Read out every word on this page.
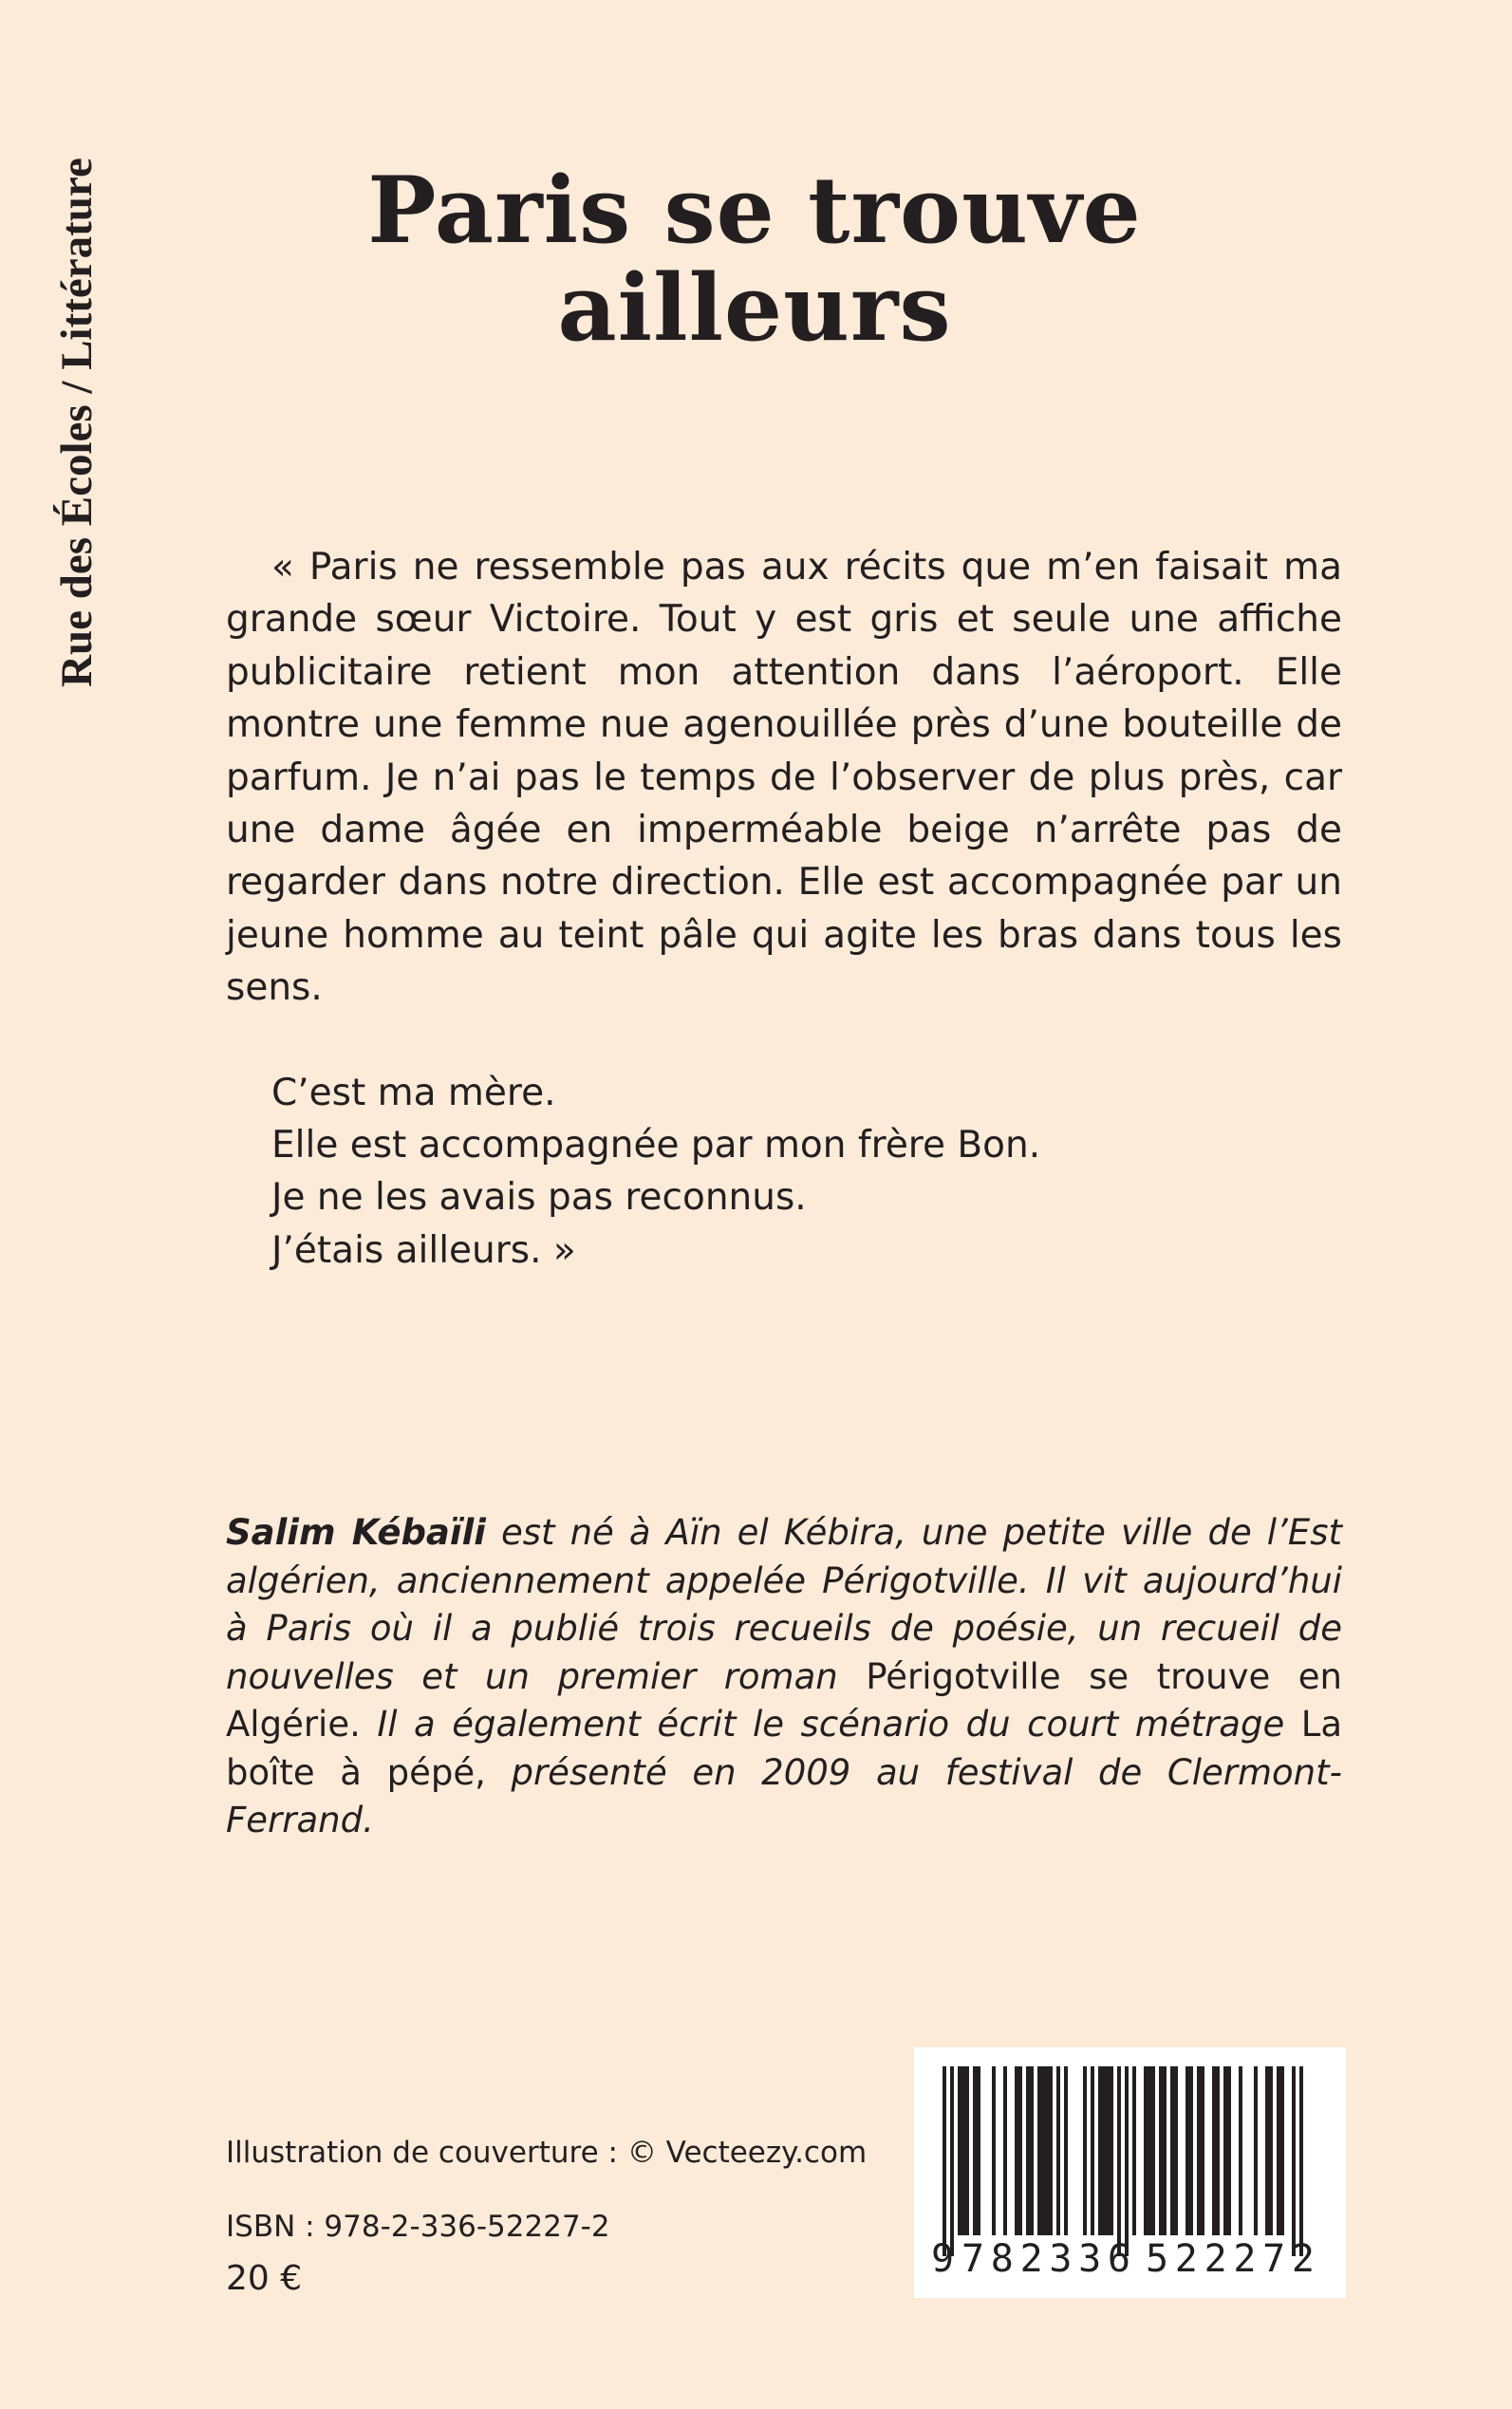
Rue des Écoles / Littérature	Paris se trouve
ailleurs

« Paris ne ressemble pas aux récits que m’en faisait ma grande sœur Victoire. Tout y est gris et seule une affiche publicitaire retient mon attention dans l’aéroport. Elle montre une femme nue agenouillée près d’une bouteille de parfum. Je n’ai pas le temps de l’observer de plus près, car une dame âgée en imperméable beige n’arrête pas de regarder dans notre direction. Elle est accompagnée par un jeune homme au teint pâle qui agite les bras dans tous les sens.

C’est ma mère.
Elle est accompagnée par mon frère Bon.
Je ne les avais pas reconnus.
J’étais ailleurs. »

Salim Kébaïli est né à Aïn el Kébira, une petite ville de l’Est algérien, anciennement appelée Périgotville. Il vit aujourd’hui à Paris où il a publié trois recueils de poésie, un recueil de nouvelles et un premier roman Périgotville se trouve en Algérie. Il a également écrit le scénario du court métrage La boîte à pépé, présenté en 2009 au festival de Clermont-Ferrand.

Illustration de couverture : © Vecteezy.com
ISBN : 978-2-336-52227-2
20 €	9 782336 522272
